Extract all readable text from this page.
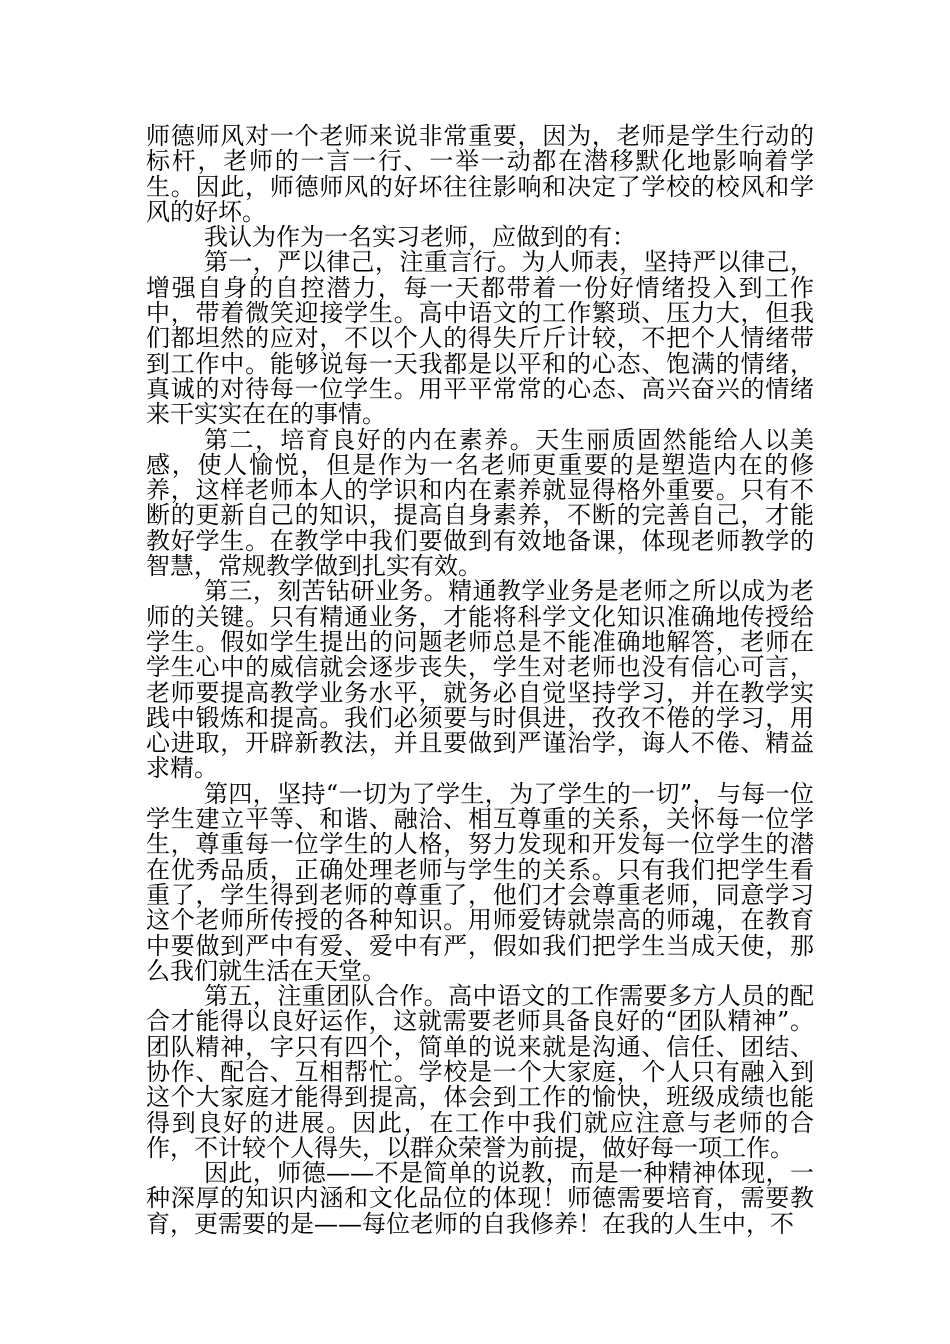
师德师风对一个老师来说非常重要，因为，老师是学生行动的标杆，老师的一言一行、一举一动都在潜移默化地影响着学生。因此，师德师风的好坏往往影响和决定了学校的校风和学风的好坏。

我认为作为一名实习老师，应做到的有：

第一，严以律己，注重言行。为人师表，坚持严以律己，增强自身的自控潜力，每一天都带着一份好情绪投入到工作中，带着微笑迎接学生。高中语文的工作繁琐、压力大，但我们都坦然的应对，不以个人的得失斤斤计较，不把个人情绪带到工作中。能够说每一天我都是以平和的心态、饱满的情绪，真诚的对待每一位学生。用平平常常的心态、高兴奋兴的情绪来干实实在在的事情。

第二，培育良好的内在素养。天生丽质固然能给人以美感，使人愉悦，但是作为一名老师更重要的是塑造内在的修养，这样老师本人的学识和内在素养就显得格外重要。只有不断的更新自己的知识，提高自身素养，不断的完善自己，才能教好学生。在教学中我们要做到有效地备课，体现老师教学的智慧，常规教学做到扎实有效。

第三，刻苦钻研业务。精通教学业务是老师之所以成为老师的关键。只有精通业务，才能将科学文化知识准确地传授给学生。假如学生提出的问题老师总是不能准确地解答，老师在学生心中的威信就会逐步丧失，学生对老师也没有信心可言，老师要提高教学业务水平，就务必自觉坚持学习，并在教学实践中锻炼和提高。我们必须要与时俱进，孜孜不倦的学习，用心进取，开辟新教法，并且要做到严谨治学，诲人不倦、精益求精。

第四，坚持“一切为了学生，为了学生的一切”，与每一位学生建立平等、和谐、融洽、相互尊重的关系，关怀每一位学生，尊重每一位学生的人格，努力发现和开发每一位学生的潜在优秀品质，正确处理老师与学生的关系。只有我们把学生看重了，学生得到老师的尊重了，他们才会尊重老师，同意学习这个老师所传授的各种知识。用师爱铸就崇高的师魂，在教育中要做到严中有爱、爱中有严，假如我们把学生当成天使，那么我们就生活在天堂。

第五，注重团队合作。高中语文的工作需要多方人员的配合才能得以良好运作，这就需要老师具备良好的“团队精神”。团队精神，字只有四个，简单的说来就是沟通、信任、团结、协作、配合、互相帮忙。学校是一个大家庭，个人只有融入到这个大家庭才能得到提高，体会到工作的愉快，班级成绩也能得到良好的进展。因此，在工作中我们就应注意与老师的合作，不计较个人得失，以群众荣誉为前提，做好每一项工作。

因此，师德——不是简单的说教，而是一种精神体现，一种深厚的知识内涵和文化品位的体现！师德需要培育，需要教育，更需要的是——每位老师的自我修养！在我的人生中，不
